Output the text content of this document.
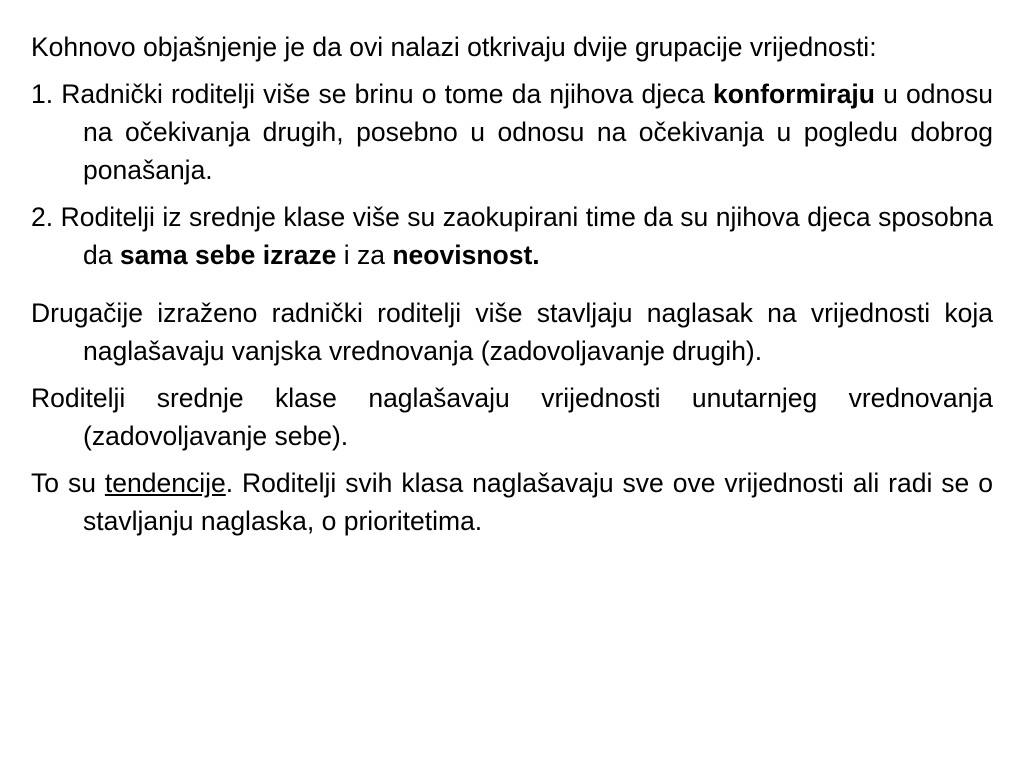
Kohnovo objašnjenje je da ovi nalazi otkrivaju dvije grupacije vrijednosti:

1. Radnički roditelji više se brinu o tome da njihova djeca konformiraju u odnosu na očekivanja drugih, posebno u odnosu na očekivanja u pogledu dobrog ponašanja.

2. Roditelji iz srednje klase više su zaokupirani time da su njihova djeca sposobna da sama sebe izraze i za neovisnost.

Drugačije izraženo radnički roditelji više stavljaju naglasak na vrijednosti koja naglašavaju vanjska vrednovanja (zadovoljavanje drugih).

Roditelji srednje klase naglašavaju vrijednosti unutarnjeg vrednovanja (zadovoljavanje sebe).

To su tendencije. Roditelji svih klasa naglašavaju sve ove vrijednosti ali radi se o stavljanju naglaska, o prioritetima.
